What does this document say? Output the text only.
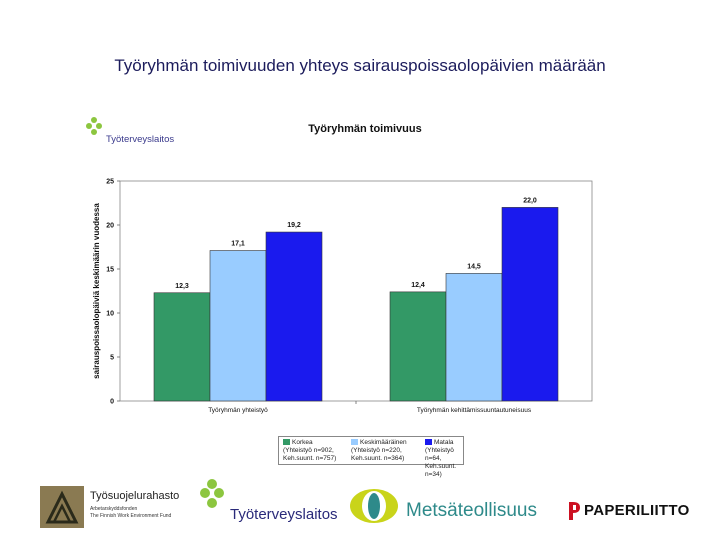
Työryhmän toimivuuden yhteys sairauspoissaolopäivien määrään
Työterveyslaitos
Työryhmän toimivuus
0
5
10
15
20
25
12,3
17,1
19,2
12,4
14,5
22,0
Työryhmän yhteistyö	Työryhmän kehittämissuuntautuneisuus
sairauspoissaolopäiviä keskimäärin vuodessa
Korkea
(Yhteistyö n=902,
Keh.suunt. n=757)
Keskimääräinen
(Yhteistyö n=220,
Keh.suunt. n=364)
Matala
(Yhteistyö n=64,
Keh.suunt. n=34)
Työsuojelurahasto
Arbetarskyddsfonden
The Finnish Work Environment Fund	Työterveyslaitos	Metsäteollisuus	PAPERILIITTO
